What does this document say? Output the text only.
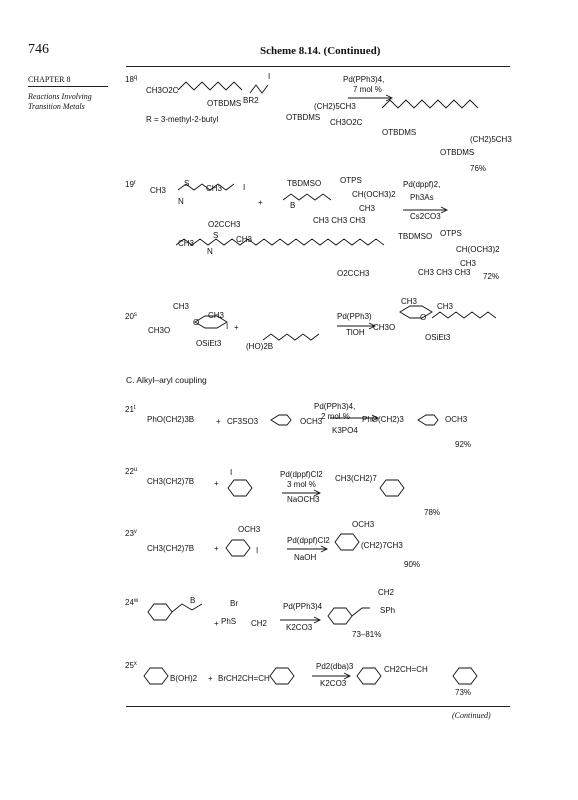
746	Scheme 8.14. (Continued)
CHAPTER 8
Reactions Involving Transition Metals
18$^q$
19$^r$
20$^s$
21$^t$
22$^u$
23$^v$
24$^w$
25$^x$
CH3O2C
OTBDMS BR2
R = 3-methyl-2-butyl
I
(CH2)5CH3
OTBDMS
Pd(PPh3)4,
7 mol %
CH3O2C
OTBDMS
(CH2)5CH3
OTBDMS
76%
CH3
S
N
CH3	I
O2CCH3
+
TBDMSO OTPS
B
CH(OCH3)2
CH3
CH3 CH3 CH3
Pd(dppf)2,
Ph3As
Cs2CO3
CH3
S
N
CH3	TBDMSO OTPS
CH(OCH3)2
O2CCH3	CH3 CH3 CH3
CH3
72%
CH3
CH3
O
CH3O	I
OSiEt3
+
(HO)2B
Pd(PPh3)
TlOH
CH3
CH3
O
CH3O
OSiEt3
PhO(CH2)3B	+ CF3SO3	OCH3
Pd(PPh3)4,
2 mol %
K3PO4
PhO(CH2)3	OCH3
92%
CH3(CH2)7B +
I	Pd(dppf)Cl2
3 mol %
NaOCH3
CH3(CH2)7
78%
CH3(CH2)7B +
OCH3
I
Pd(dppf)Cl2
NaOH
OCH3
(CH2)7CH3
90%
B
+
Br
PhS CH2
Pd(PPh3)4
K2CO3
CH2
SPh
73–81%
B(OH)2 + BrCH2CH=CH
Pd2(dba)3
K2CO3
CH2CH=CH
73%
C. Alkyl–aryl coupling
(Continued)
